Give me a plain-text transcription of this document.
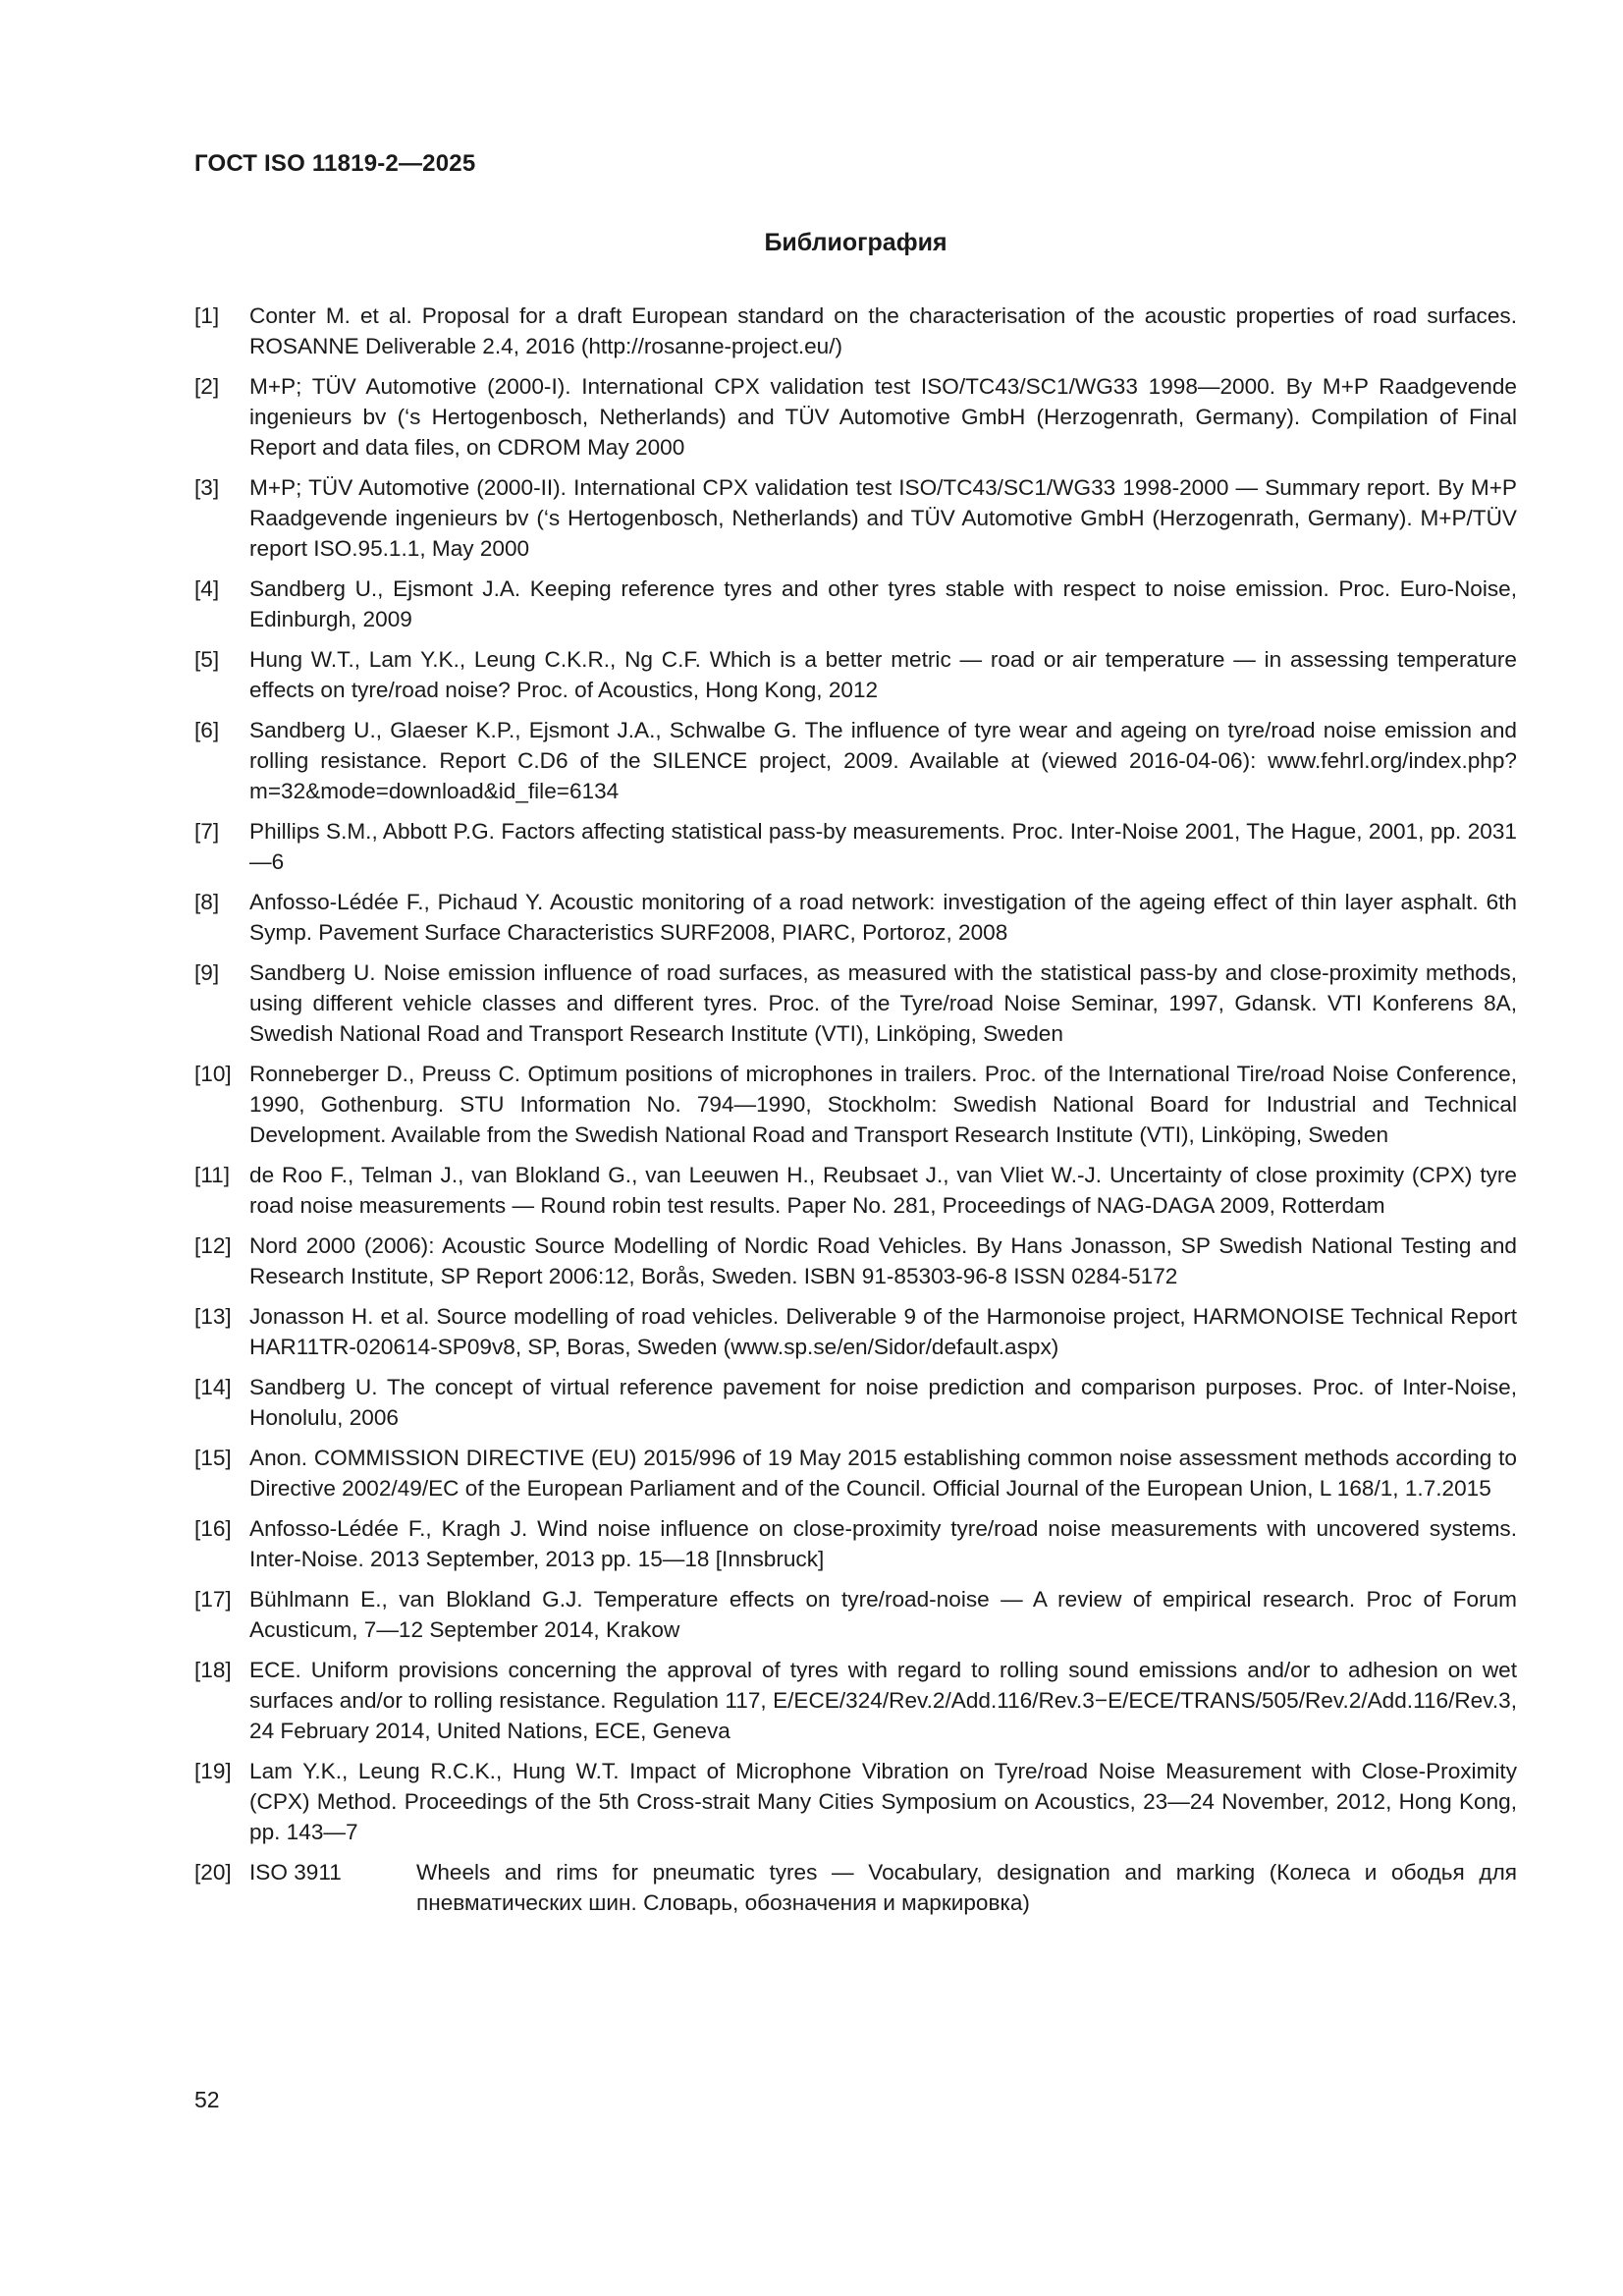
ГОСТ ISO 11819-2—2025
Библиография
[1] Conter M. et al. Proposal for a draft European standard on the characterisation of the acoustic properties of road surfaces. ROSANNE Deliverable 2.4, 2016 (http://rosanne-project.eu/)
[2] M+P; TÜV Automotive (2000-I). International CPX validation test ISO/TC43/SC1/WG33 1998—2000. By M+P Raadgevende ingenieurs bv (‘s Hertogenbosch, Netherlands) and TÜV Automotive GmbH (Herzogenrath, Germany). Compilation of Final Report and data files, on CDROM May 2000
[3] M+P; TÜV Automotive (2000-II). International CPX validation test ISO/TC43/SC1/WG33 1998-2000 — Summary report. By M+P Raadgevende ingenieurs bv (‘s Hertogenbosch, Netherlands) and TÜV Automotive GmbH (Herzogenrath, Germany). M+P/TÜV report ISO.95.1.1, May 2000
[4] Sandberg U., Ejsmont J.A. Keeping reference tyres and other tyres stable with respect to noise emission. Proc. Euro-Noise, Edinburgh, 2009
[5] Hung W.T., Lam Y.K., Leung C.K.R., Ng C.F. Which is a better metric — road or air temperature — in assessing temperature effects on tyre/road noise? Proc. of Acoustics, Hong Kong, 2012
[6] Sandberg U., Glaeser K.P., Ejsmont J.A., Schwalbe G. The influence of tyre wear and ageing on tyre/road noise emission and rolling resistance. Report C.D6 of the SILENCE project, 2009. Available at (viewed 2016-04-06): www.fehrl.​org/index.php?m=32&mode=download&id_file=6134
[7] Phillips S.M., Abbott P.G. Factors affecting statistical pass-by measurements. Proc. Inter-Noise 2001, The Hague, 2001, pp. 2031—6
[8] Anfosso-Lédée F., Pichaud Y. Acoustic monitoring of a road network: investigation of the ageing effect of thin layer asphalt. 6th Symp. Pavement Surface Characteristics SURF2008, PIARC, Portoroz, 2008
[9] Sandberg U. Noise emission influence of road surfaces, as measured with the statistical pass-by and close-proximity methods, using different vehicle classes and different tyres. Proc. of the Tyre/road Noise Seminar, 1997, Gdansk. VTI Konferens 8A, Swedish National Road and Transport Research Institute (VTI), Linköping, Sweden
[10] Ronneberger D., Preuss C. Optimum positions of microphones in trailers. Proc. of the International Tire/road Noise Conference, 1990, Gothenburg. STU Information No. 794—1990, Stockholm: Swedish National Board for Industrial and Technical Development. Available from the Swedish National Road and Transport Research Institute (VTI), Linköping, Sweden
[11] de Roo F., Telman J., van Blokland G., van Leeuwen H., Reubsaet J., van Vliet W.-J. Uncertainty of close proximity (CPX) tyre road noise measurements — Round robin test results. Paper No. 281, Proceedings of NAG-DAGA 2009, Rotterdam
[12] Nord 2000 (2006): Acoustic Source Modelling of Nordic Road Vehicles. By Hans Jonasson, SP Swedish National Testing and Research Institute, SP Report 2006:12, Borås, Sweden. ISBN 91-85303-96-8 ISSN 0284-5172
[13] Jonasson H. et al. Source modelling of road vehicles. Deliverable 9 of the Harmonoise project, HARMONOISE Technical Report HAR11TR-020614-SP09v8, SP, Boras, Sweden (www.sp.se/en/Sidor/default.aspx)
[14] Sandberg U. The concept of virtual reference pavement for noise prediction and comparison purposes. Proc. of Inter-Noise, Honolulu, 2006
[15] Anon. COMMISSION DIRECTIVE (EU) 2015/996 of 19 May 2015 establishing common noise assessment methods according to Directive 2002/49/EC of the European Parliament and of the Council. Official Journal of the European Union, L 168/1, 1.7.2015
[16] Anfosso-Lédée F., Kragh J. Wind noise influence on close-proximity tyre/road noise measurements with uncovered systems. Inter-Noise. 2013 September, 2013 pp. 15—18 [Innsbruck]
[17] Bühlmann E., van Blokland G.J. Temperature effects on tyre/road-noise — A review of empirical research. Proc of Forum Acusticum, 7—12 September 2014, Krakow
[18] ECE. Uniform provisions concerning the approval of tyres with regard to rolling sound emissions and/or to adhesion on wet surfaces and/or to rolling resistance. Regulation 117, E/ECE/324/Rev.2/Add.116/Rev.3−E/ECE/TRANS/505/​Rev.2/Add.116/Rev.3, 24 February 2014, United Nations, ECE, Geneva
[19] Lam Y.K., Leung R.C.K., Hung W.T. Impact of Microphone Vibration on Tyre/road Noise Measurement with Close-Proximity (CPX) Method. Proceedings of the 5th Cross-strait Many Cities Symposium on Acoustics, 23—24 November, 2012, Hong Kong, pp. 143—7
[20] ISO 3911	Wheels and rims for pneumatic tyres — Vocabulary, designation and marking (Колеса и ободья для пневматических шин. Словарь, обозначения и маркировка)
52
